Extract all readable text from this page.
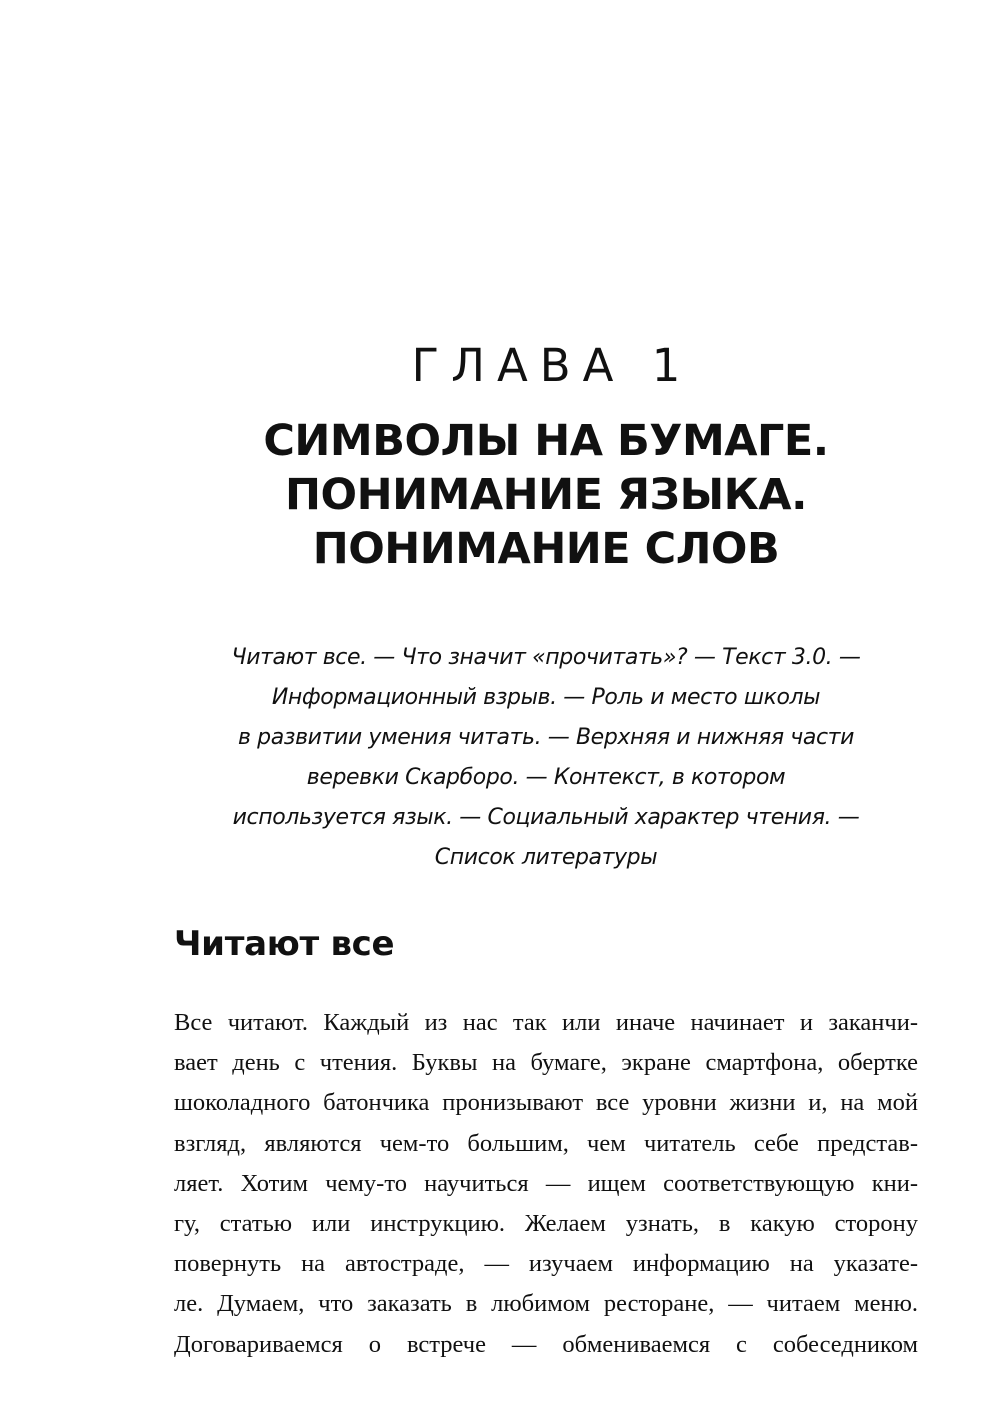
ГЛАВА 1
СИМВОЛЫ НА БУМАГЕ.
ПОНИМАНИЕ ЯЗЫКА.
ПОНИМАНИЕ СЛОВ
Читают все. — Что значит «прочитать»? — Текст 3.0. —
Информационный взрыв. — Роль и место школы
в развитии умения читать. — Верхняя и нижняя части
веревки Скарборо. — Контекст, в котором
используется язык. — Социальный характер чтения. —
Список литературы
Читают все
Все читают. Каждый из нас так или иначе начинает и заканчи-
вает день с чтения. Буквы на бумаге, экране смартфона, обертке
шоколадного батончика пронизывают все уровни жизни и, на мой
взгляд, являются чем-то большим, чем читатель себе представ-
ляет. Хотим чему-то научиться — ищем соответствующую кни-
гу, статью или инструкцию. Желаем узнать, в какую сторону
повернуть на автостраде, — изучаем информацию на указате-
ле. Думаем, что заказать в любимом ресторане, — читаем меню.
Договариваемся о встрече — обмениваемся с собеседником
